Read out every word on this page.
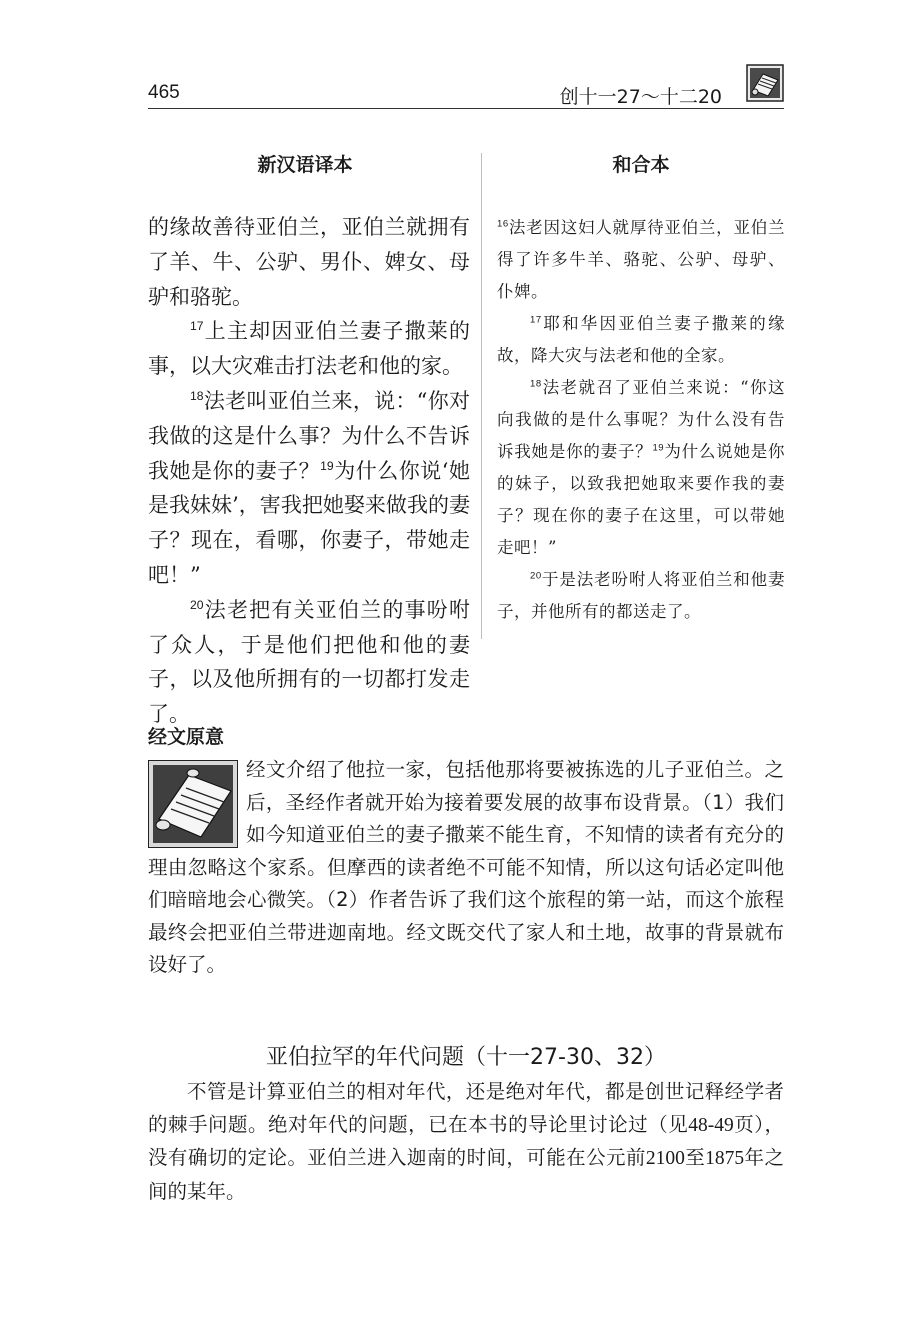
465	创十一27～十二20
新汉语译本	和合本

的缘故善待亚伯兰，亚伯兰就拥有了羊、牛、公驴、男仆、婢女、母驴和骆驼。

$^{17}$上主却因亚伯兰妻子撒莱的事，以大灾难击打法老和他的家。

$^{18}$法老叫亚伯兰来，说：“你对我做的这是什么事？为什么不告诉我她是你的妻子？$^{19}$为什么你说‘她是我妹妹’，害我把她娶来做我的妻子？现在，看哪，你妻子，带她走吧！”

$^{20}$法老把有关亚伯兰的事吩咐了众人，于是他们把他和他的妻子，以及他所拥有的一切都打发走了。

$^{16}$法老因这妇人就厚待亚伯兰，亚伯兰得了许多牛羊、骆驼、公驴、母驴、仆婢。

$^{17}$耶和华因亚伯兰妻子撒莱的缘故，降大灾与法老和他的全家。

$^{18}$法老就召了亚伯兰来说：“你这向我做的是什么事呢？为什么没有告诉我她是你的妻子？$^{19}$为什么说她是你的妹子，以致我把她取来要作我的妻子？现在你的妻子在这里，可以带她走吧！”

$^{20}$于是法老吩咐人将亚伯兰和他妻子，并他所有的都送走了。

经文原意
经文介绍了他拉一家，包括他那将要被拣选的儿子亚伯兰。之后，圣经作者就开始为接着要发展的故事布设背景。（1）我们如今知道亚伯兰的妻子撒莱不能生育，不知情的读者有充分的理由忽略这个家系。但摩西的读者绝不可能不知情，所以这句话必定叫他们暗暗地会心微笑。（2）作者告诉了我们这个旅程的第一站，而这个旅程最终会把亚伯兰带进迦南地。经文既交代了家人和土地，故事的背景就布设好了。
亚伯拉罕的年代问题（十一27-30、32）

不管是计算亚伯兰的相对年代，还是绝对年代，都是创世记释经学者的棘手问题。绝对年代的问题，已在本书的导论里讨论过（见48-49页），没有确切的定论。亚伯兰进入迦南的时间，可能在公元前2100至1875年之间的某年。
